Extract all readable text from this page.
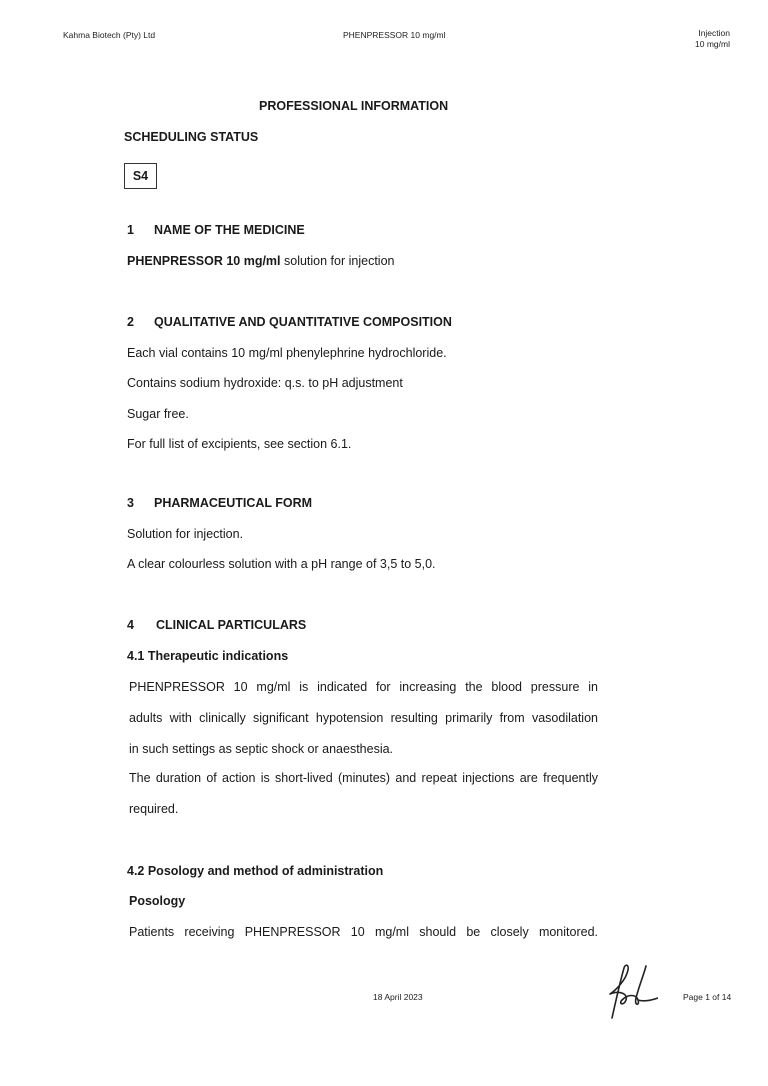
Kahma Biotech (Pty) Ltd	PHENPRESSOR 10 mg/ml	Injection
10 mg/ml
PROFESSIONAL INFORMATION
SCHEDULING STATUS
S4
1 NAME OF THE MEDICINE
PHENPRESSOR 10 mg/ml solution for injection
2 QUALITATIVE AND QUANTITATIVE COMPOSITION
Each vial contains 10 mg/ml phenylephrine hydrochloride.
Contains sodium hydroxide: q.s. to pH adjustment
Sugar free.
For full list of excipients, see section 6.1.
3 PHARMACEUTICAL FORM
Solution for injection.
A clear colourless solution with a pH range of 3,5 to 5,0.
4 CLINICAL PARTICULARS
4.1 Therapeutic indications
PHENPRESSOR 10 mg/ml is indicated for increasing the blood pressure in
adults with clinically significant hypotension resulting primarily from vasodilation
in such settings as septic shock or anaesthesia.
The duration of action is short-lived (minutes) and repeat injections are frequently
required.
4.2 Posology and method of administration
Posology
Patients receiving PHENPRESSOR 10 mg/ml should be closely monitored.
18 April 2023	Page 1 of 14
